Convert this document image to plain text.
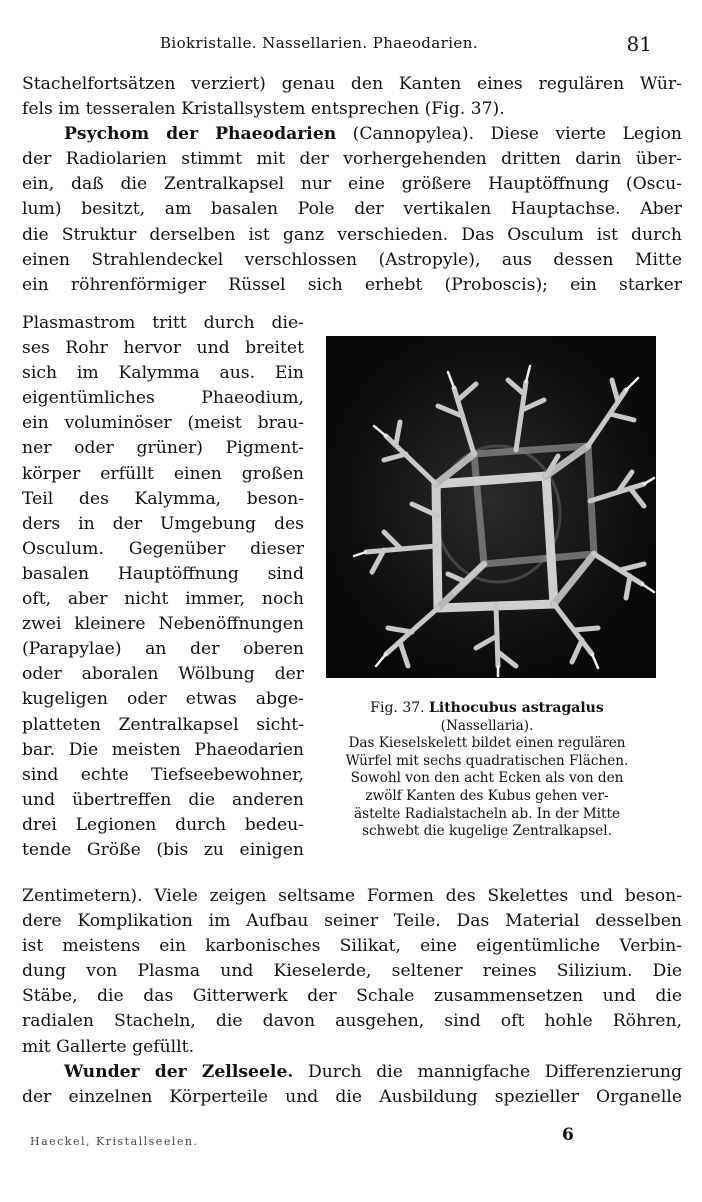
Biokristalle. Nassellarien. Phaeodarien.	81
Stachelfortsätzen verziert) genau den Kanten eines regulären Wür-
fels im tesseralen Kristallsystem entsprechen (Fig. 37).
Psychom der Phaeodarien (Cannopylea). Diese vierte Legion
der Radiolarien stimmt mit der vorhergehenden dritten darin über-
ein, daß die Zentralkapsel nur eine größere Hauptöffnung (Oscu-
lum) besitzt, am basalen Pole der vertikalen Hauptachse. Aber
die Struktur derselben ist ganz verschieden. Das Osculum ist durch
einen Strahlendeckel verschlossen (Astropyle), aus dessen Mitte
ein röhrenförmiger Rüssel sich erhebt (Proboscis); ein starker
Plasmastrom tritt durch die-
ses Rohr hervor und breitet
sich im Kalymma aus. Ein
eigentümliches Phaeodium,
ein voluminöser (meist brau-
ner oder grüner) Pigment-
körper erfüllt einen großen
Teil des Kalymma, beson-
ders in der Umgebung des
Osculum. Gegenüber dieser
basalen Hauptöffnung sind
oft, aber nicht immer, noch
zwei kleinere Nebenöffnungen
(Parapylae) an der oberen
oder aboralen Wölbung der
kugeligen oder etwas abge-
platteten Zentralkapsel sicht-
bar. Die meisten Phaeodarien
sind echte Tiefseebewohner,
und übertreffen die anderen
drei Legionen durch bedeu-
tende Größe (bis zu einigen
Fig. 37. Lithocubus astragalus
(Nassellaria).
Das Kieselskelett bildet einen regulären
Würfel mit sechs quadratischen Flächen.
Sowohl von den acht Ecken als von den
zwölf Kanten des Kubus gehen ver-
ästelte Radialstacheln ab. In der Mitte
schwebt die kugelige Zentralkapsel.
Zentimetern). Viele zeigen seltsame Formen des Skelettes und beson-
dere Komplikation im Aufbau seiner Teile. Das Material desselben
ist meistens ein karbonisches Silikat, eine eigentümliche Verbin-
dung von Plasma und Kieselerde, seltener reines Silizium. Die
Stäbe, die das Gitterwerk der Schale zusammensetzen und die
radialen Stacheln, die davon ausgehen, sind oft hohle Röhren,
mit Gallerte gefüllt.
Wunder der Zellseele. Durch die mannigfache Differenzierung
der einzelnen Körperteile und die Ausbildung spezieller Organelle
Haeckel, Kristallseelen.	6
